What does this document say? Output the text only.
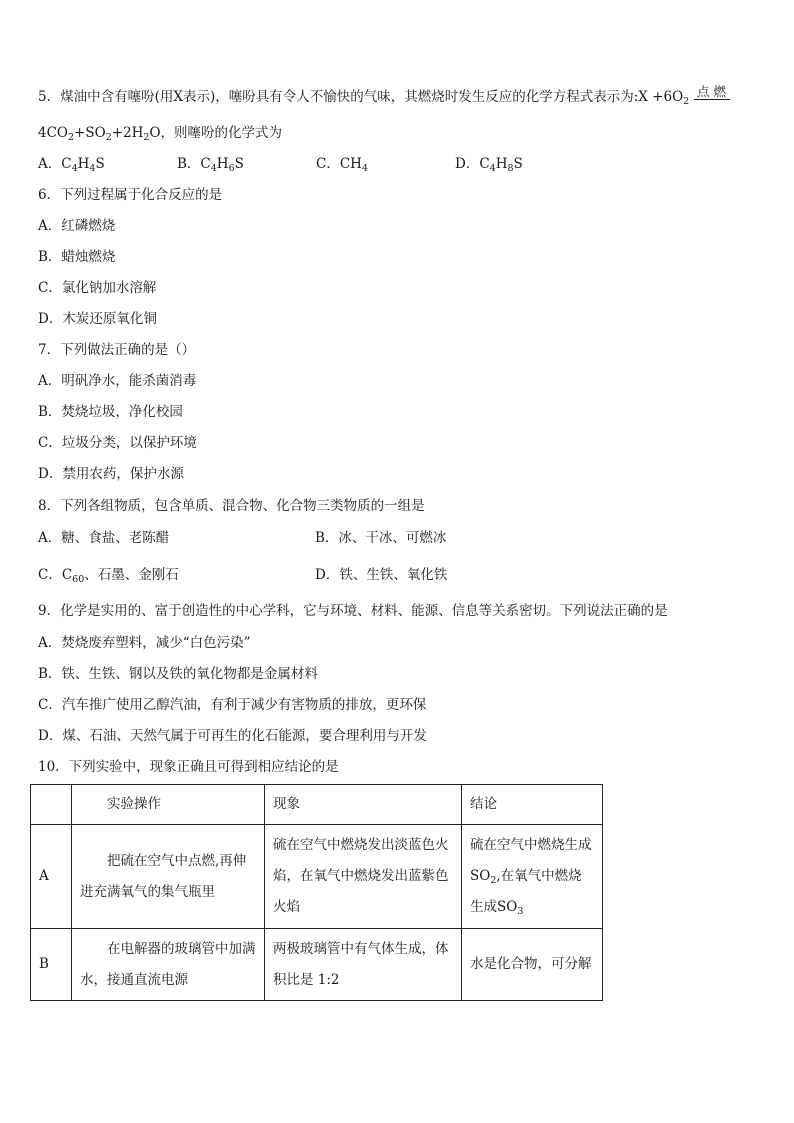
5．煤油中含有噻吩(用X表示)，噻吩具有令人不愉快的气味，其燃烧时发生反应的化学方程式表示为:X $+6O_2$
点 燃
$4CO_2+SO_2+2H_2O$，则噻吩的化学式为
A．$C_4H_4S$	B．$C_4H_6S$	C．$CH_4$	D．$C_4H_8S$
6．下列过程属于化合反应的是
A．红磷燃烧
B．蜡烛燃烧
C．氯化钠加水溶解
D．木炭还原氧化铜
7．下列做法正确的是（）
A．明矾净水，能杀菌消毒
B．焚烧垃圾，净化校园
C．垃圾分类，以保护环境
D．禁用农药，保护水源
8．下列各组物质，包含单质、混合物、化合物三类物质的一组是
A．糖、食盐、老陈醋	B．冰、干冰、可燃冰
C．$C_{60}$、石墨、金刚石	D．铁、生铁、氧化铁
9．化学是实用的、富于创造性的中心学科，它与环境、材料、能源、信息等关系密切。下列说法正确的是
A．焚烧废弃塑料，减少“白色污染”
B．铁、生铁、钢以及铁的氧化物都是金属材料
C．汽车推广使用乙醇汽油，有利于减少有害物质的排放，更环保
D．煤、石油、天然气属于可再生的化石能源，要合理利用与开发
10．下列实验中，现象正确且可得到相应结论的是
	实验操作	现象	结论
A	把硫在空气中点燃,再伸进充满氧气的集气瓶里	硫在空气中燃烧发出淡蓝色火焰，在氧气中燃烧发出蓝紫色火焰	硫在空气中燃烧生成$SO_2$,在氧气中燃烧生成$SO_3$
B	在电解器的玻璃管中加满水，接通直流电源	两极玻璃管中有气体生成，体积比是 1:2	水是化合物，可分解
